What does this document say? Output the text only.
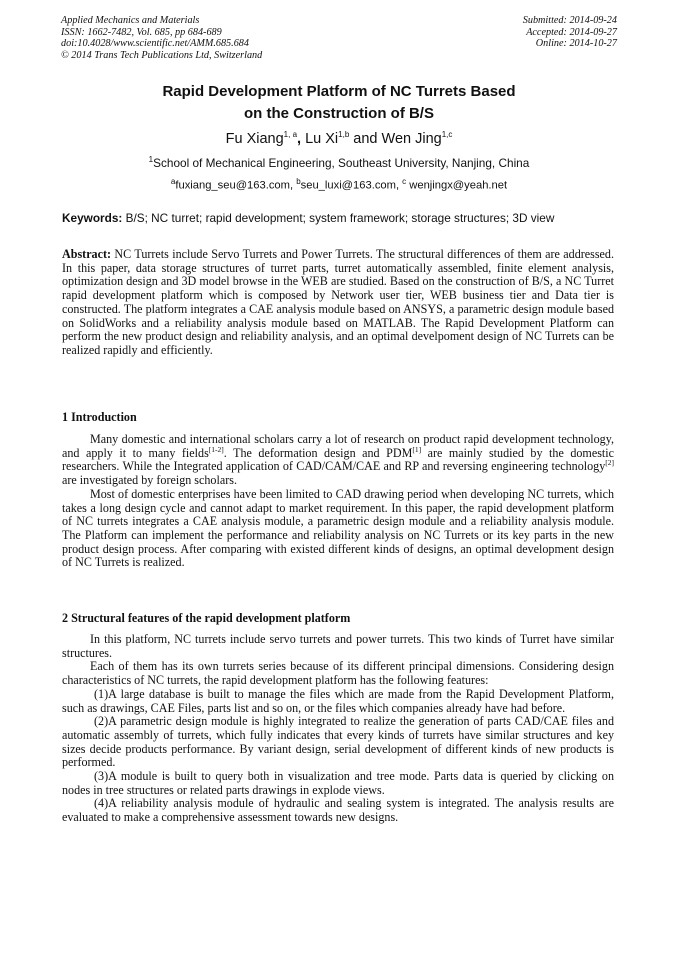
Applied Mechanics and Materials
ISSN: 1662-7482, Vol. 685, pp 684-689
doi:10.4028/www.scientific.net/AMM.685.684
© 2014 Trans Tech Publications Ltd, Switzerland
Submitted: 2014-09-24
Accepted: 2014-09-27
Online: 2014-10-27
Rapid Development Platform of NC Turrets Based
on the Construction of B/S
Fu Xiang$^{1, a}$, Lu Xi$^{1,b}$ and Wen Jing$^{1,c}$
$^1$School of Mechanical Engineering, Southeast University, Nanjing, China
$^a$fuxiang_seu@163.com, $^b$seu_luxi@163.com, $^c$ wenjingx@yeah.net
Keywords: B/S; NC turret; rapid development; system framework; storage structures; 3D view

Abstract: NC Turrets include Servo Turrets and Power Turrets. The structural differences of them are addressed. In this paper, data storage structures of turret parts, turret automatically assembled, finite element analysis, optimization design and 3D model browse in the WEB are studied. Based on the construction of B/S, a NC Turret rapid development platform which is composed by Network user tier, WEB business tier and Data tier is constructed. The platform integrates a CAE analysis module based on ANSYS, a parametric design module based on SolidWorks and a reliability analysis module based on MATLAB. The Rapid Development Platform can perform the new product design and reliability analysis, and an optimal develpoment design of NC Turrets can be realized rapidly and efficiently.

1 Introduction

Many domestic and international scholars carry a lot of research on product rapid development technology, and apply it to many fields[1-2]. The deformation design and PDM[1] are mainly studied by the domestic researchers. While the Integrated application of CAD/CAM/CAE and RP and reversing engineering technology[2] are investigated by foreign scholars.

Most of domestic enterprises have been limited to CAD drawing period when developing NC turrets, which takes a long design cycle and cannot adapt to market requirement. In this paper, the rapid development platform of NC turrets integrates a CAE analysis module, a parametric design module and a reliability analysis module. The Platform can implement the performance and reliability analysis on NC Turrets or its key parts in the new product design process. After comparing with existed different kinds of designs, an optimal development design of NC Turrets is realized.

2 Structural features of the rapid development platform

In this platform, NC turrets include servo turrets and power turrets. This two kinds of Turret have similar structures.

Each of them has its own turrets series because of its different principal dimensions. Considering design characteristics of NC turrets, the rapid development platform has the following features:

(1)A large database is built to manage the files which are made from the Rapid Development Platform, such as drawings, CAE Files, parts list and so on, or the files which companies already have had before.

(2)A parametric design module is highly integrated to realize the generation of parts CAD/CAE files and automatic assembly of turrets, which fully indicates that every kinds of turrets have similar structures and key sizes decide products performance. By variant design, serial development of different kinds of new products is performed.

(3)A module is built to query both in visualization and tree mode. Parts data is queried by clicking on nodes in tree structures or related parts drawings in explode views.

(4)A reliability analysis module of hydraulic and sealing system is integrated. The analysis results are evaluated to make a comprehensive assessment towards new designs.
